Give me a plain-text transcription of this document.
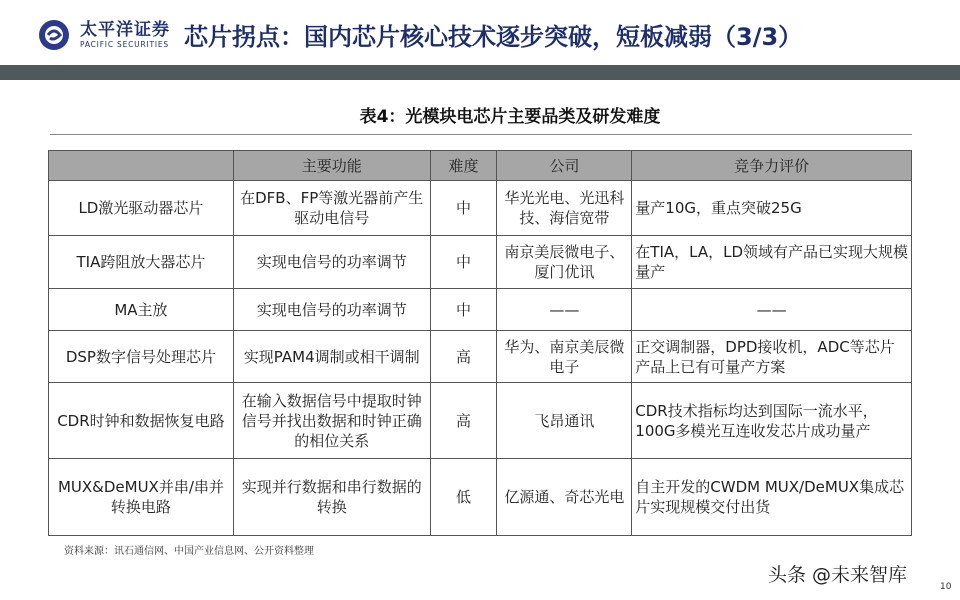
太平洋证券
PACIFIC SECURITIES 芯片拐点：国内芯片核心技术逐步突破，短板减弱（3/3）
表4：光模块电芯片主要品类及研发难度
	主要功能	难度	公司	竞争力评价
LD激光驱动器芯片	在DFB、FP等激光器前产生驱动电信号	中	华光光电、光迅科技、海信宽带	量产10G，重点突破25G
TIA跨阻放大器芯片	实现电信号的功率调节	中	南京美辰微电子、厦门优讯	在TIA，LA，LD领域有产品已实现大规模量产
MA主放	实现电信号的功率调节	中	——	——
DSP数字信号处理芯片	实现PAM4调制或相干调制	高	华为、南京美辰微电子	正交调制器，DPD接收机，ADC等芯片产品上已有可量产方案
CDR时钟和数据恢复电路	在输入数据信号中提取时钟信号并找出数据和时钟正确的相位关系	高	飞昂通讯	CDR技术指标均达到国际一流水平，100G多模光互连收发芯片成功量产
MUX&DeMUX并串/串并转换电路	实现并行数据和串行数据的转换	低	亿源通、奇芯光电	自主开发的CWDM MUX/DeMUX集成芯片实现规模交付出货
资料来源：讯石通信网、中国产业信息网、公开资料整理
头条 @未来智库
10
